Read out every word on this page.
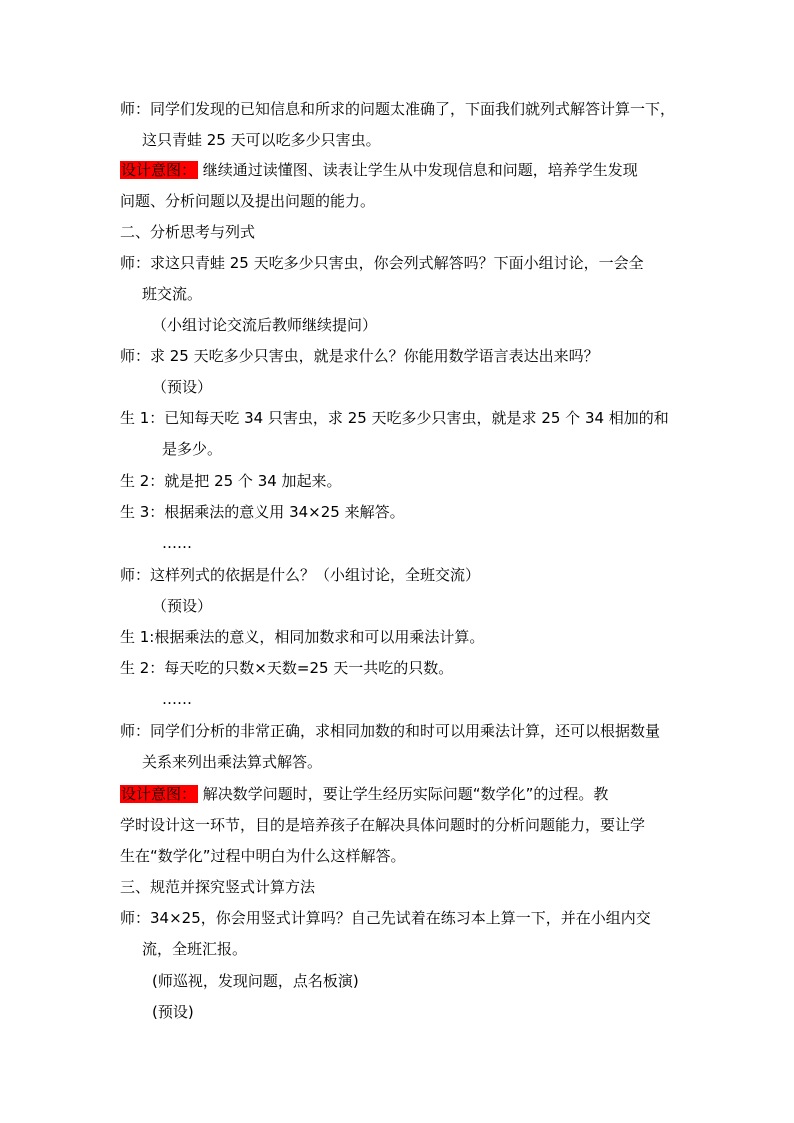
师：同学们发现的已知信息和所求的问题太准确了，下面我们就列式解答计算一下，
这只青蛙 25 天可以吃多少只害虫。
设计意图： 继续通过读懂图、读表让学生从中发现信息和问题，培养学生发现
问题、分析问题以及提出问题的能力。
二、分析思考与列式
师：求这只青蛙 25 天吃多少只害虫，你会列式解答吗？下面小组讨论，一会全
班交流。
（小组讨论交流后教师继续提问）
师：求 25 天吃多少只害虫，就是求什么？你能用数学语言表达出来吗？
（预设）
生 1：已知每天吃 34 只害虫，求 25 天吃多少只害虫，就是求 25 个 34 相加的和
是多少。
生 2：就是把 25 个 34 加起来。
生 3：根据乘法的意义用 34×25 来解答。
……
师：这样列式的依据是什么？（小组讨论，全班交流）
（预设）
生 1:根据乘法的意义，相同加数求和可以用乘法计算。
生 2：每天吃的只数×天数=25 天一共吃的只数。
……
师：同学们分析的非常正确，求相同加数的和时可以用乘法计算，还可以根据数量
关系来列出乘法算式解答。
设计意图： 解决数学问题时，要让学生经历实际问题“数学化”的过程。教
学时设计这一环节，目的是培养孩子在解决具体问题时的分析问题能力，要让学
生在“数学化”过程中明白为什么这样解答。
三、规范并探究竖式计算方法
师：34×25，你会用竖式计算吗？自己先试着在练习本上算一下，并在小组内交
流，全班汇报。
(师巡视，发现问题，点名板演)
(预设)
